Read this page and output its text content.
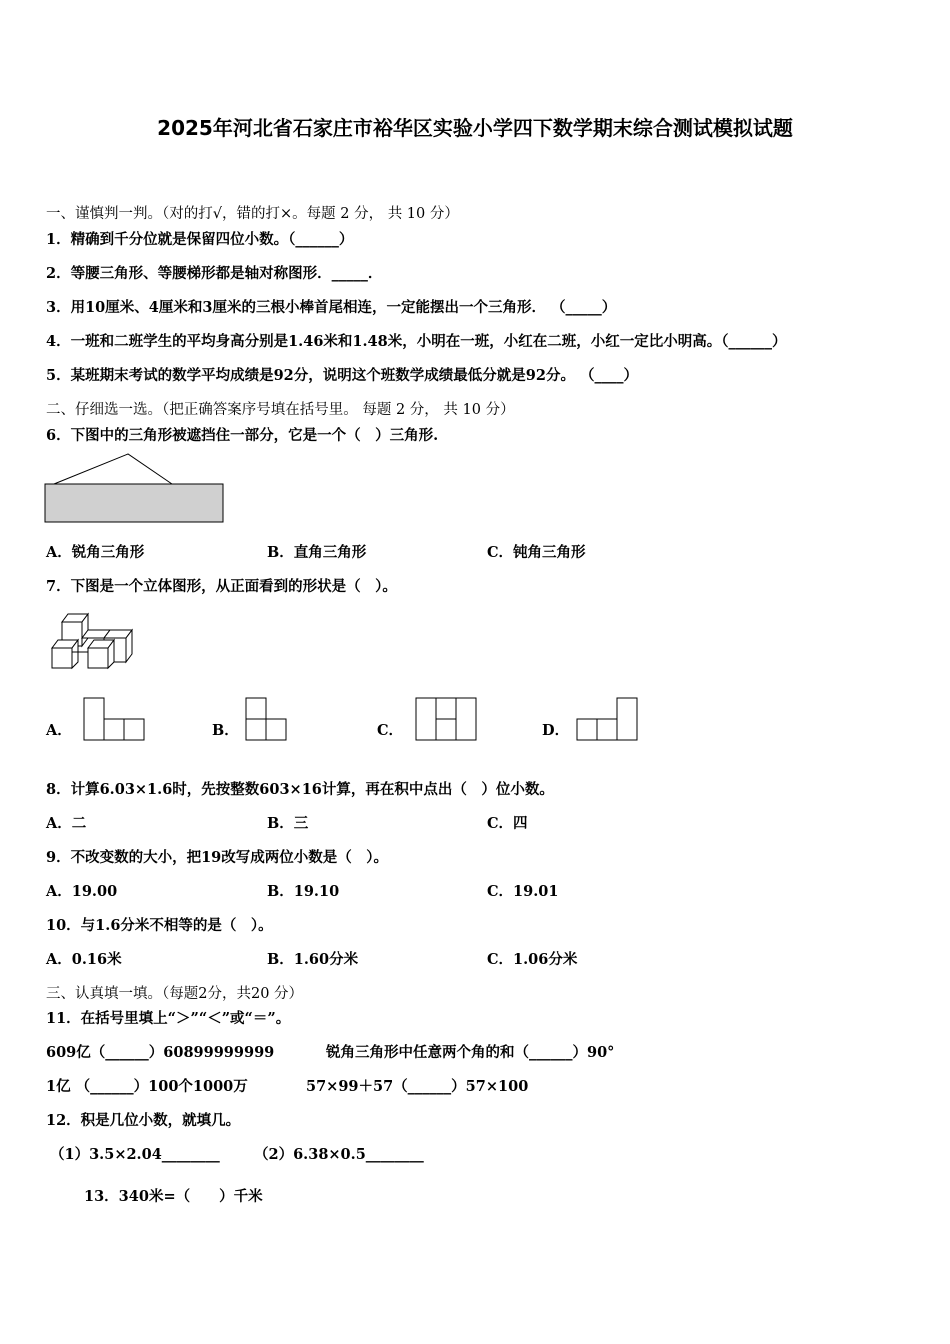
2025年河北省石家庄市裕华区实验小学四下数学期末综合测试模拟试题
一、谨慎判一判。（对的打√，错的打×。每题 2 分， 共 10 分）
1．精确到千分位就是保留四位小数。（______）
2．等腰三角形、等腰梯形都是轴对称图形．_____．
3．用10厘米、4厘米和3厘米的三根小棒首尾相连，一定能摆出一个三角形． （_____）
4．一班和二班学生的平均身高分别是1.46米和1.48米，小明在一班，小红在二班，小红一定比小明高。（______）
5．某班期末考试的数学平均成绩是92分，说明这个班数学成绩最低分就是92分。 （____）
二、仔细选一选。（把正确答案序号填在括号里。 每题 2 分， 共 10 分）
6．下图中的三角形被遮挡住一部分，它是一个（　）三角形.
A．锐角三角形	B．直角三角形	C．钝角三角形
7．下图是一个立体图形，从正面看到的形状是（　）。
A．	B．	C．	D．
8．计算6.03×1.6时，先按整数603×16计算，再在积中点出（　）位小数。
A．二	B．三	C．四
9．不改变数的大小，把19改写成两位小数是（　）。
A．19.00	B．19.10	C．19.01
10．与1.6分米不相等的是（　）。
A．0.16米	B．1.60分米	C．1.06分米
三、认真填一填。（每题2分，共20 分）
11．在括号里填上“＞”“＜”或“＝”。
609亿（______）60899999999	锐角三角形中任意两个角的和（______）90°
1亿 （______）100个1000万	57×99＋57（______）57×100
12．积是几位小数，就填几。
（1）3.5×2.04________ （2）6.38×0.5________
13．340米=（　　）千米
